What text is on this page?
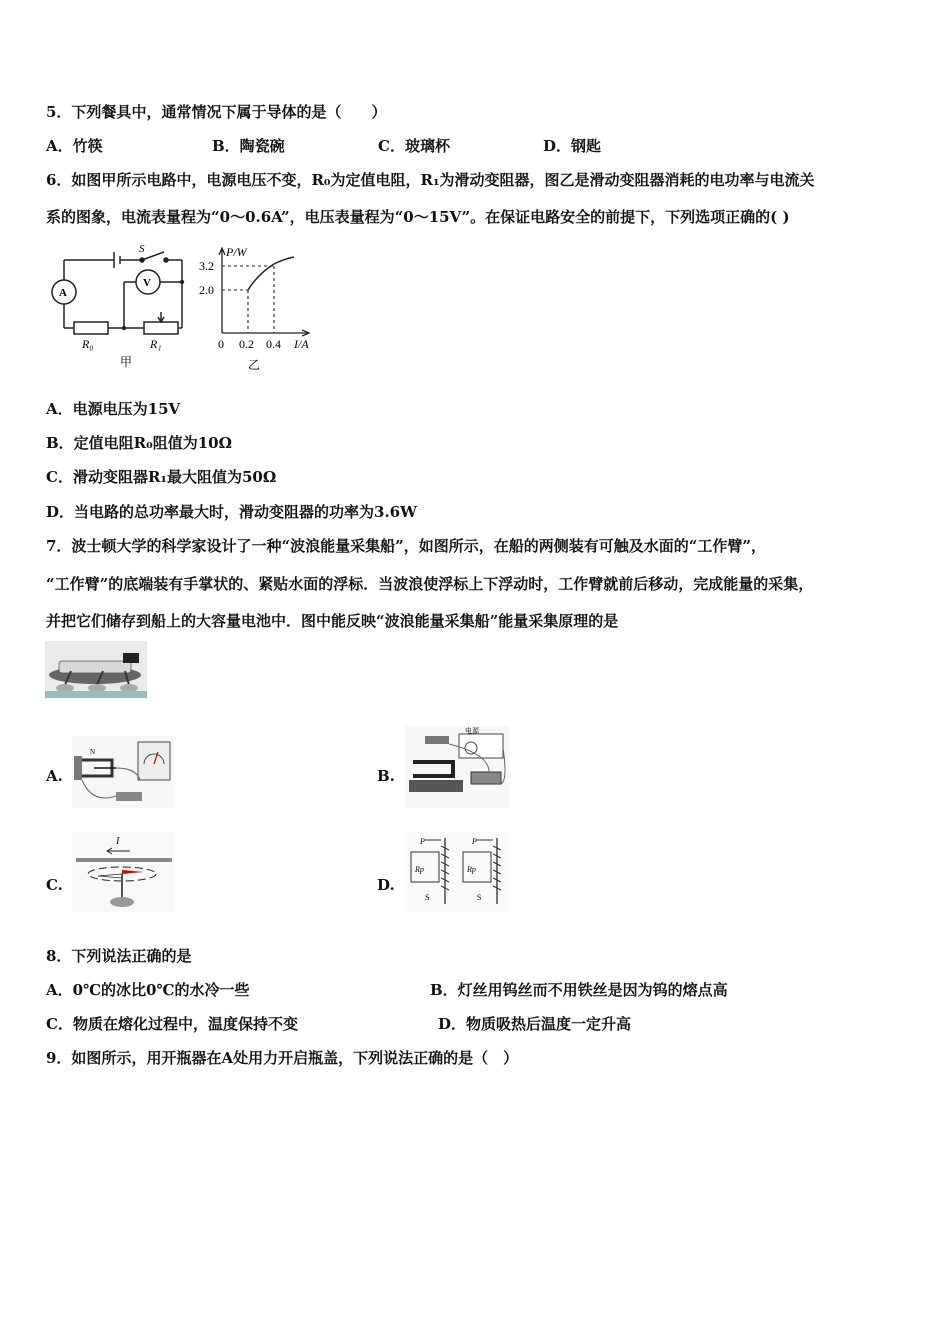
5．下列餐具中，通常情况下属于导体的是（　　）
A．竹筷	B．陶瓷碗	C．玻璃杯	D．钢匙
6．如图甲所示电路中，电源电压不变，R₀为定值电阻，R₁为滑动变阻器，图乙是滑动变阻器消耗的电功率与电流关
系的图象，电流表量程为“0～0.6A”，电压表量程为“0～15V”。在保证电路安全的前提下，下列选项正确的( )
S
A
V
R₀	R₁
甲
P/W
3.2
2.0
0 0.2 0.4 I/A
乙
A．电源电压为15V
B．定值电阻R₀阻值为10Ω
C．滑动变阻器R₁最大阻值为50Ω
D．当电路的总功率最大时，滑动变阻器的功率为3.6W
7．波士顿大学的科学家设计了一种“波浪能量采集船”，如图所示，在船的两侧装有可触及水面的“工作臂”，
“工作臂”的底端装有手掌状的、紧贴水面的浮标．当波浪使浮标上下浮动时，工作臂就前后移动，完成能量的采集，
并把它们储存到船上的大容量电池中．图中能反映“波浪能量采集船”能量采集原理的是
A.
N
B.
电源
C.
I
D.
P	P
Rp	Rp
S	S
8．下列说法正确的是
A．0℃的冰比0℃的水冷一些	B．灯丝用钨丝而不用铁丝是因为钨的熔点高
C．物质在熔化过程中，温度保持不变	D．物质吸热后温度一定升高
9．如图所示，用开瓶器在A处用力开启瓶盖，下列说法正确的是（　）
